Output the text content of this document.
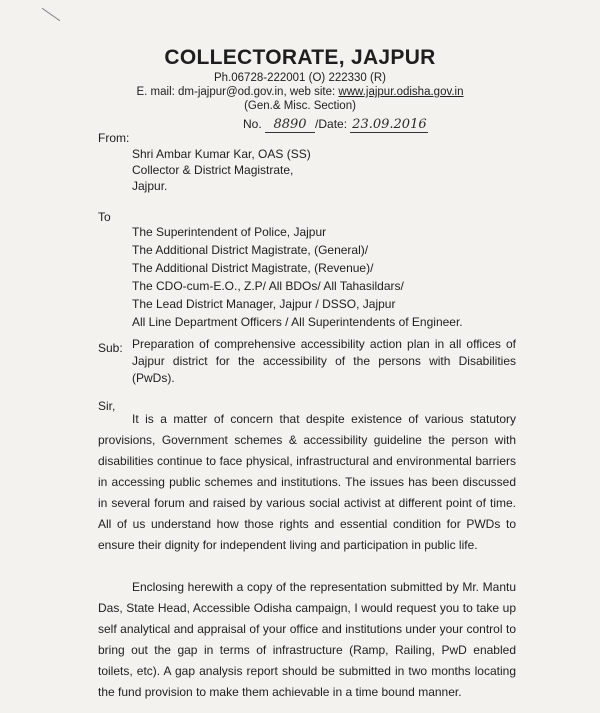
COLLECTORATE, JAJPUR
Ph.06728-222001 (O) 222330 (R)
E. mail: dm-jajpur@od.gov.in, web site: www.jajpur.odisha.gov.in
(Gen.& Misc. Section)
No. 8890 /Date: 23.09.2016
From:
Shri Ambar Kumar Kar, OAS (SS)
Collector & District Magistrate,
Jajpur.
To
The Superintendent of Police, Jajpur
The Additional District Magistrate, (General)/
The Additional District Magistrate, (Revenue)/
The CDO-cum-E.O., Z.P/ All BDOs/ All Tahasildars/
The Lead District Manager, Jajpur / DSSO, Jajpur
All Line Department Officers / All Superintendents of Engineer.
Sub: Preparation of comprehensive accessibility action plan in all offices of Jajpur district for the accessibility of the persons with Disabilities (PwDs).
Sir,
It is a matter of concern that despite existence of various statutory provisions, Government schemes & accessibility guideline the person with disabilities continue to face physical, infrastructural and environmental barriers in accessing public schemes and institutions. The issues has been discussed in several forum and raised by various social activist at different point of time. All of us understand how those rights and essential condition for PWDs to ensure their dignity for independent living and participation in public life.
Enclosing herewith a copy of the representation submitted by Mr. Mantu Das, State Head, Accessible Odisha campaign, I would request you to take up self analytical and appraisal of your office and institutions under your control to bring out the gap in terms of infrastructure (Ramp, Railing, PwD enabled toilets, etc). A gap analysis report should be submitted in two months locating the fund provision to make them achievable in a time bound manner.
